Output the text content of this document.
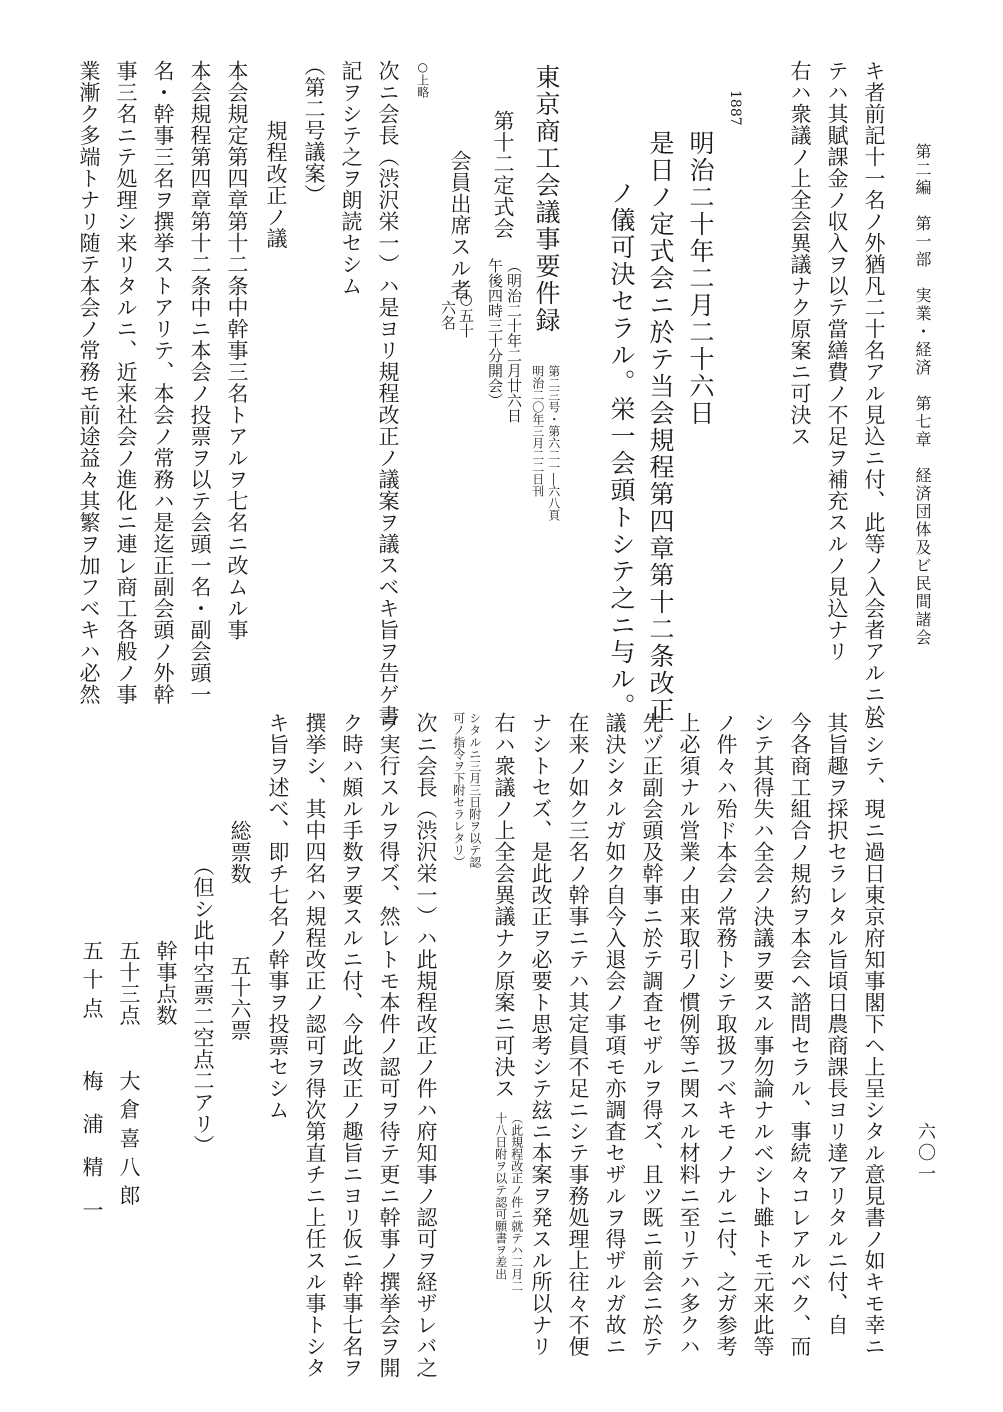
六〇一
第二編　第一部　実業・経済　第七章　経済団体及ビ民間諸会
キ者前記十一名ノ外猶凡二十名アル見込ニ付、此等ノ入会者アルニ於
テハ其賦課金ノ収入ヲ以テ當繕費ノ不足ヲ補充スルノ見込ナリ
右ハ衆議ノ上全会異議ナク原案ニ可決ス
1887
明治二十年二月二十六日
是日ノ定式会ニ於テ当会規程第四章第十二条改正
ノ儀可決セラル。栄一会頭トシテ之ニ与ル。
東京商工会議事要件録
第二三号・第六二一―六八頁
明治二〇年三月二二日刊
第十二定式会
（明治二十年二月廿六日
午後四時三十分開会）
会員出席スル者
○五十
六名
○上略
次ニ会長（渋沢栄一）ハ是ヨリ規程改正ノ議案ヲ議スベキ旨ヲ告ゲ書
記ヲシテ之ヲ朗読セシム
（第二号議案）
規程改正ノ議
本会規定第四章第十二条中幹事三名トアルヲ七名ニ改ムル事
本会規程第四章第十二条中ニ本会ノ投票ヲ以テ会頭一名・副会頭一
名・幹事三名ヲ撰挙ストアリテ、本会ノ常務ハ是迄正副会頭ノ外幹
事三名ニテ処理シ来リタルニ、近来社会ノ進化ニ連レ商工各般ノ事
業漸ク多端トナリ随テ本会ノ常務モ前途益々其繁ヲ加フベキハ必然
ニシテ、現ニ過日東京府知事閣下ヘ上呈シタル意見書ノ如キモ幸ニ
其旨趣ヲ採択セラレタル旨頃日農商課長ヨリ達アリタルニ付、自
今各商工組合ノ規約ヲ本会ヘ諮問セラル、事続々コレアルベク、而
シテ其得失ハ全会ノ決議ヲ要スル事勿論ナルベシト雖トモ元来此等
ノ件々ハ殆ド本会ノ常務トシテ取扱フベキモノナルニ付、之ガ参考
上必須ナル営業ノ由来取引ノ慣例等ニ関スル材料ニ至リテハ多クハ
先ヅ正副会頭及幹事ニ於テ調査セザルヲ得ズ、且ツ既ニ前会ニ於テ
議決シタルガ如ク自今入退会ノ事項モ亦調査セザルヲ得ザルガ故ニ
在来ノ如ク三名ノ幹事ニテハ其定員不足ニシテ事務処理上往々不便
ナシトセズ、是此改正ヲ必要ト思考シテ玆ニ本案ヲ発スル所以ナリ
右ハ衆議ノ上全会異議ナク原案ニ可決ス
（此規程改正ノ件ニ就テハ二月二
十八日附ヲ以テ認可願書ヲ差出
シタルニ三月三日附ヲ以テ認
可ノ指令ヲ下附セラレタリ）
次ニ会長（渋沢栄一）ハ此規程改正ノ件ハ府知事ノ認可ヲ経ザレバ之
ヲ実行スルヲ得ズ、然レトモ本件ノ認可ヲ待テ更ニ幹事ノ撰挙会ヲ開
ク時ハ頗ル手数ヲ要スルニ付、今此改正ノ趣旨ニヨリ仮ニ幹事七名ヲ
撰挙シ、其中四名ハ規程改正ノ認可ヲ得次第直チニ上任スル事トシタ
キ旨ヲ述べ、即チ七名ノ幹事ヲ投票セシム
総票数
五十六票
（但シ此中空票二空点二アリ）
幹事点数
五十三点
大 倉 喜 八 郎
五 十 点
梅　浦　精　一
